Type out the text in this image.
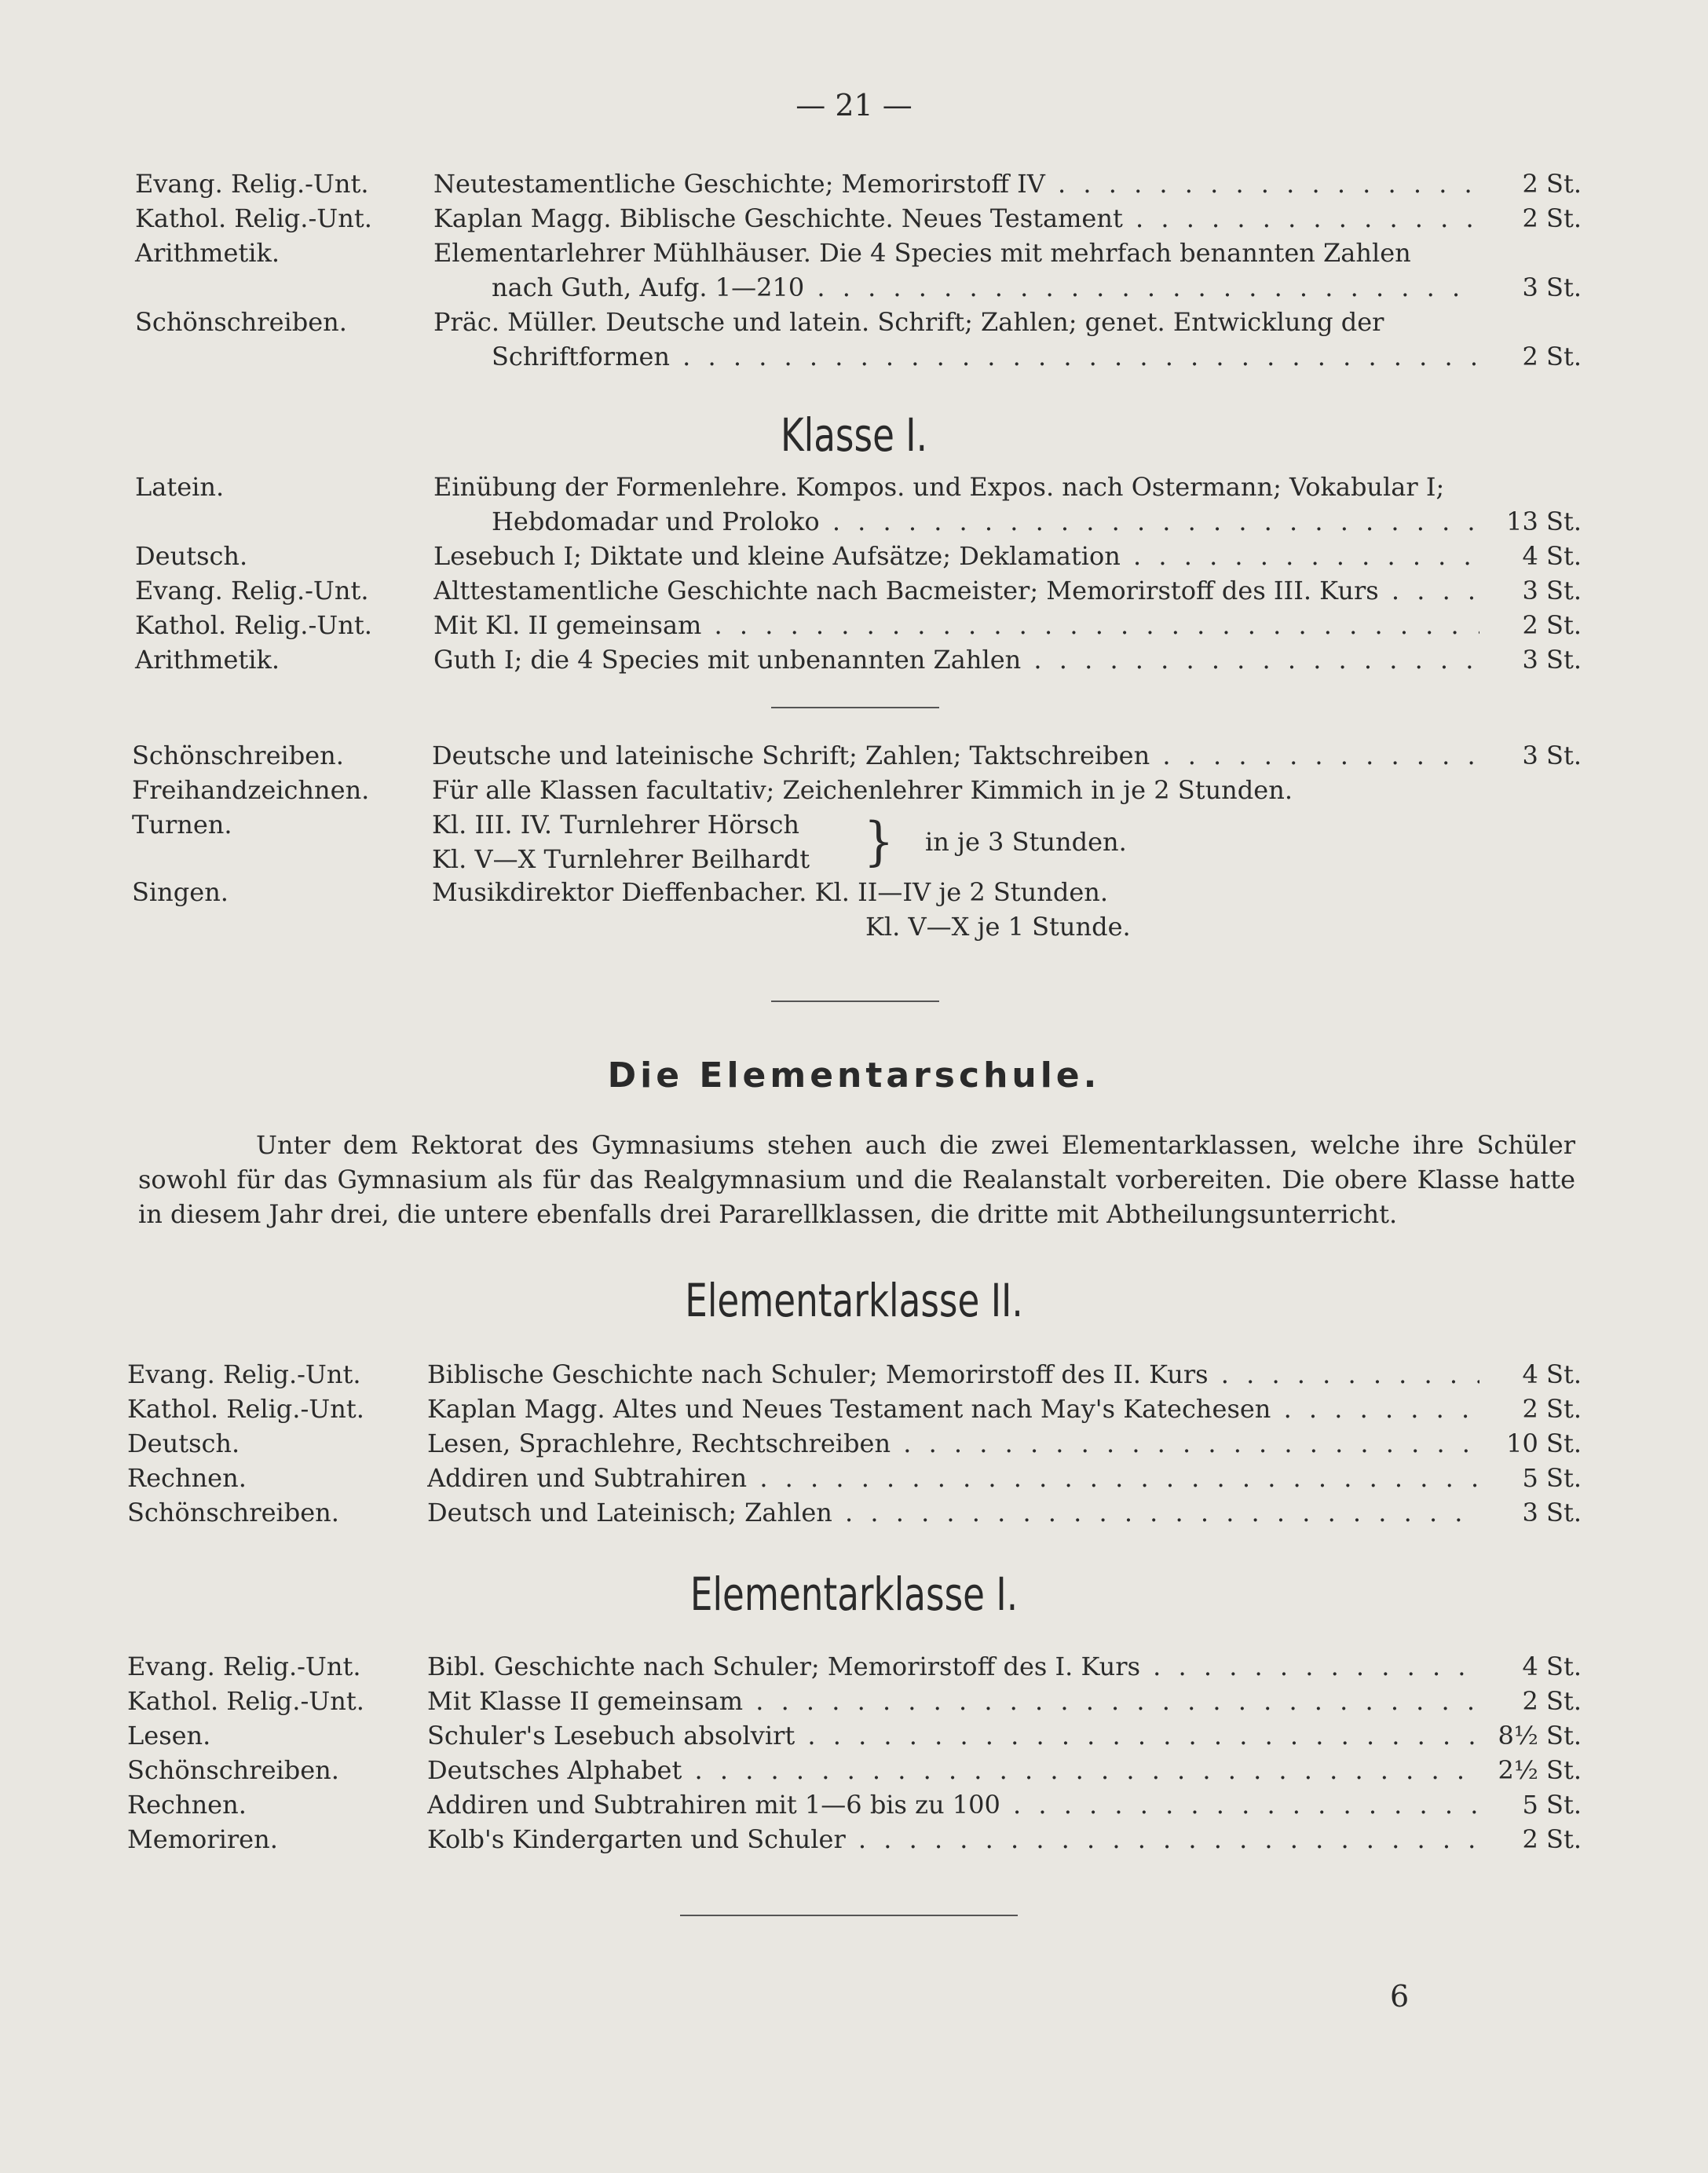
— 21 —
Evang. Relig.-Unt.	Neutestamentliche Geschichte; Memorirstoff IV . . .	2 St.
Kathol. Relig.-Unt. Kaplan Magg. Biblische Geschichte. Neues Testament . . .	2 St.
Arithmetik.	Elementarlehrer Mühlhäuser. Die 4 Species mit mehrfach benannten Zahlen
nach Guth, Aufg. 1—210 . . .	3 St.
Schönschreiben.	Präc. Müller. Deutsche und latein. Schrift; Zahlen; genet. Entwicklung der
Schriftformen . . .	2 St.
Klasse I.
Latein.	Einübung der Formenlehre. Kompos. und Expos. nach Ostermann; Vokabular I;
Hebdomadar und Proloko . . .	13 St.
Deutsch.	Lesebuch I; Diktate und kleine Aufsätze; Deklamation . . .	4 St.
Evang. Relig.-Unt.	Alttestamentliche Geschichte nach Bacmeister; Memorirstoff des III. Kurs . . .	3 St.
Kathol. Relig.-Unt. Mit Kl. II gemeinsam . . .	2 St.
Arithmetik.	Guth I; die 4 Species mit unbenannten Zahlen . . .	3 St.
Schönschreiben.	Deutsche und lateinische Schrift; Zahlen; Taktschreiben . . .	3 St.
Freihandzeichnen. Für alle Klassen facultativ; Zeichenlehrer Kimmich in je 2 Stunden.
Turnen.	Kl. III. IV. Turnlehrer Hörsch
Kl. V—X Turnlehrer Beilhardt } in je 3 Stunden.
Singen.	Musikdirektor Dieffenbacher. Kl. II—IV je 2 Stunden.
Kl. V—X je 1 Stunde.
Die Elementarschule.
Unter dem Rektorat des Gymnasiums stehen auch die zwei Elementarklassen, welche ihre Schüler sowohl für das Gymnasium als für das Realgymnasium und die Realanstalt vorbereiten. Die obere Klasse hatte in diesem Jahr drei, die untere ebenfalls drei Pararellklassen, die dritte mit Abtheilungsunterricht.
Elementarklasse II.
Evang. Relig.-Unt.	Biblische Geschichte nach Schuler; Memorirstoff des II. Kurs . . .	4 St.
Kathol. Relig.-Unt.	Kaplan Magg. Altes und Neues Testament nach May's Katechesen . . .	2 St.
Deutsch.	Lesen, Sprachlehre, Rechtschreiben . . .	10 St.
Rechnen.	Addiren und Subtrahiren . . .	5 St.
Schönschreiben.	Deutsch und Lateinisch; Zahlen . . .	3 St.
Elementarklasse I.
Evang. Relig.-Unt.	Bibl. Geschichte nach Schuler; Memorirstoff des I. Kurs . . .	4 St.
Kathol. Relig.-Unt.	Mit Klasse II gemeinsam . . .	2 St.
Lesen.	Schuler's Lesebuch absolvirt . . .	8½ St.
Schönschreiben.	Deutsches Alphabet . . .	2½ St.
Rechnen.	Addiren und Subtrahiren mit 1—6 bis zu 100 . . .	5 St.
Memoriren.	Kolb's Kindergarten und Schuler . . .	2 St.
6
